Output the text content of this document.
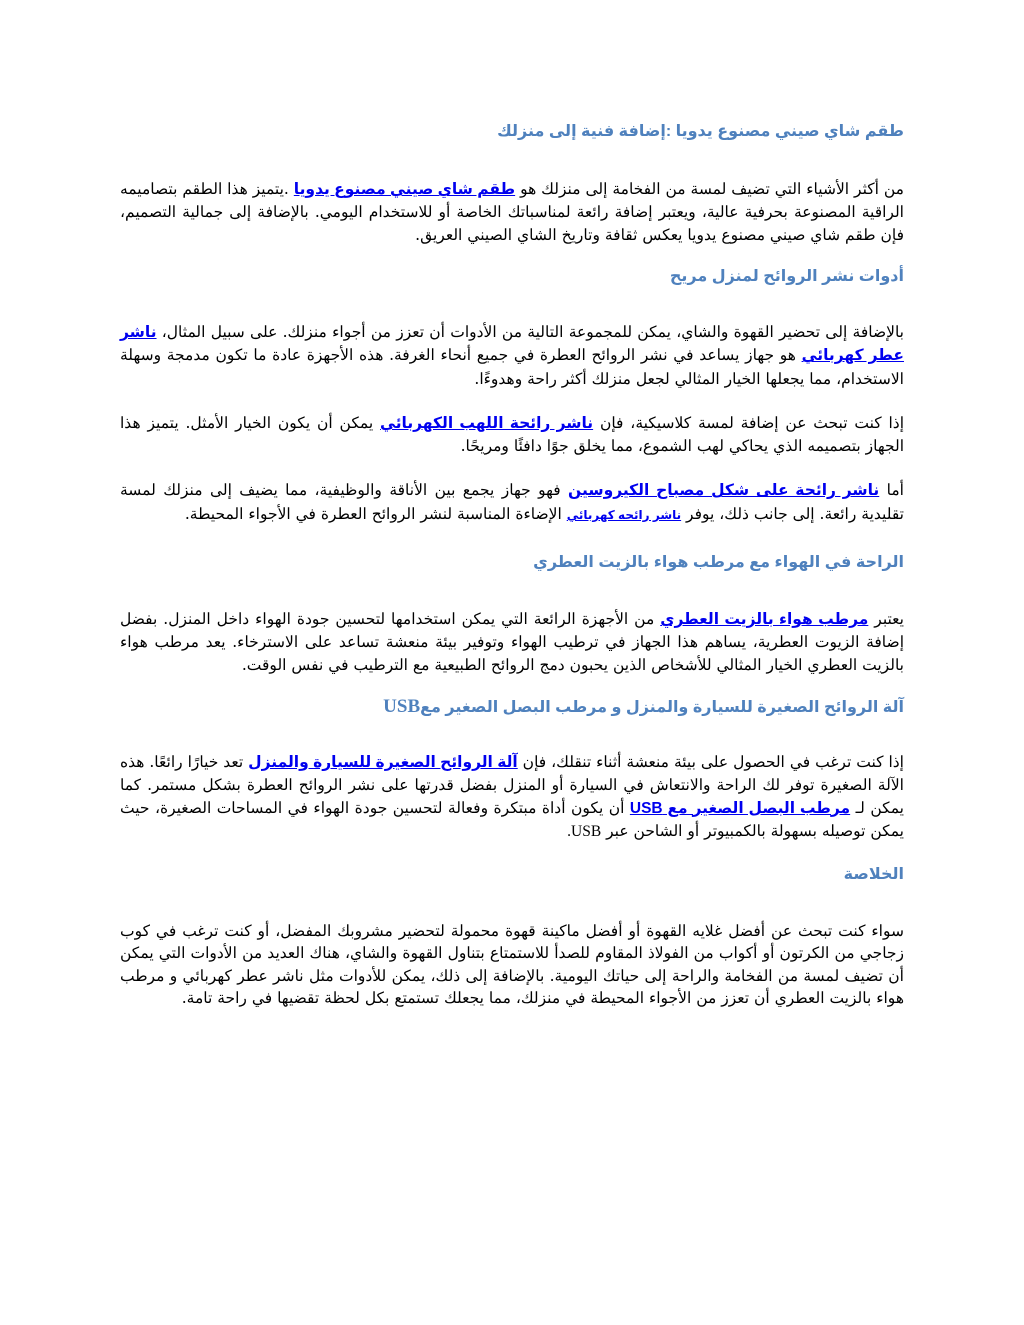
طقم شاي صيني مصنوع يدويا :إضافة فنية إلى منزلك

من أكثر الأشياء التي تضيف لمسة من الفخامة إلى منزلك هو طقم شاي صيني مصنوع يدويا .يتميز هذا الطقم بتصاميمه الراقية المصنوعة بحرفية عالية، ويعتبر إضافة رائعة لمناسباتك الخاصة أو للاستخدام اليومي. بالإضافة إلى جمالية التصميم، فإن طقم شاي صيني مصنوع يدويا يعكس ثقافة وتاريخ الشاي الصيني العريق.

أدوات نشر الروائح لمنزل مريح

بالإضافة إلى تحضير القهوة والشاي، يمكن للمجموعة التالية من الأدوات أن تعزز من أجواء منزلك. على سبيل المثال، ناشر عطر كهربائي هو جهاز يساعد في نشر الروائح العطرة في جميع أنحاء الغرفة. هذه الأجهزة عادة ما تكون مدمجة وسهلة الاستخدام، مما يجعلها الخيار المثالي لجعل منزلك أكثر راحة وهدوءًا.

إذا كنت تبحث عن إضافة لمسة كلاسيكية، فإن ناشر رائحة اللهب الكهربائي يمكن أن يكون الخيار الأمثل. يتميز هذا الجهاز بتصميمه الذي يحاكي لهب الشموع، مما يخلق جوًا دافئًا ومريحًا.

أما ناشر رائحة على شكل مصباح الكيروسين فهو جهاز يجمع بين الأناقة والوظيفية، مما يضيف إلى منزلك لمسة تقليدية رائعة. إلى جانب ذلك، يوفر ناشر رائحه كهربائي الإضاءة المناسبة لنشر الروائح العطرة في الأجواء المحيطة.

الراحة في الهواء مع مرطب هواء بالزيت العطري

يعتبر مرطب هواء بالزيت العطري من الأجهزة الرائعة التي يمكن استخدامها لتحسين جودة الهواء داخل المنزل. بفضل إضافة الزيوت العطرية، يساهم هذا الجهاز في ترطيب الهواء وتوفير بيئة منعشة تساعد على الاسترخاء. يعد مرطب هواء بالزيت العطري الخيار المثالي للأشخاص الذين يحبون دمج الروائح الطبيعية مع الترطيب في نفس الوقت.

آلة الروائح الصغيرة للسيارة والمنزل و مرطب البصل الصغير معUSB

إذا كنت ترغب في الحصول على بيئة منعشة أثناء تنقلك، فإن آلة الروائح الصغيرة للسيارة والمنزل تعد خيارًا رائعًا. هذه الآلة الصغيرة توفر لك الراحة والانتعاش في السيارة أو المنزل بفضل قدرتها على نشر الروائح العطرة بشكل مستمر. كما يمكن لـ مرطب البصل الصغير مع USB أن يكون أداة مبتكرة وفعالة لتحسين جودة الهواء في المساحات الصغيرة، حيث يمكن توصيله بسهولة بالكمبيوتر أو الشاحن عبر USB.

الخلاصة

سواء كنت تبحث عن أفضل غلايه القهوة أو أفضل ماكينة قهوة محمولة لتحضير مشروبك المفضل، أو كنت ترغب في كوب زجاجي من الكرتون أو أكواب من الفولاذ المقاوم للصدأ للاستمتاع بتناول القهوة والشاي، هناك العديد من الأدوات التي يمكن أن تضيف لمسة من الفخامة والراحة إلى حياتك اليومية. بالإضافة إلى ذلك، يمكن للأدوات مثل ناشر عطر كهربائي و مرطب هواء بالزيت العطري أن تعزز من الأجواء المحيطة في منزلك، مما يجعلك تستمتع بكل لحظة تقضيها في راحة تامة.
